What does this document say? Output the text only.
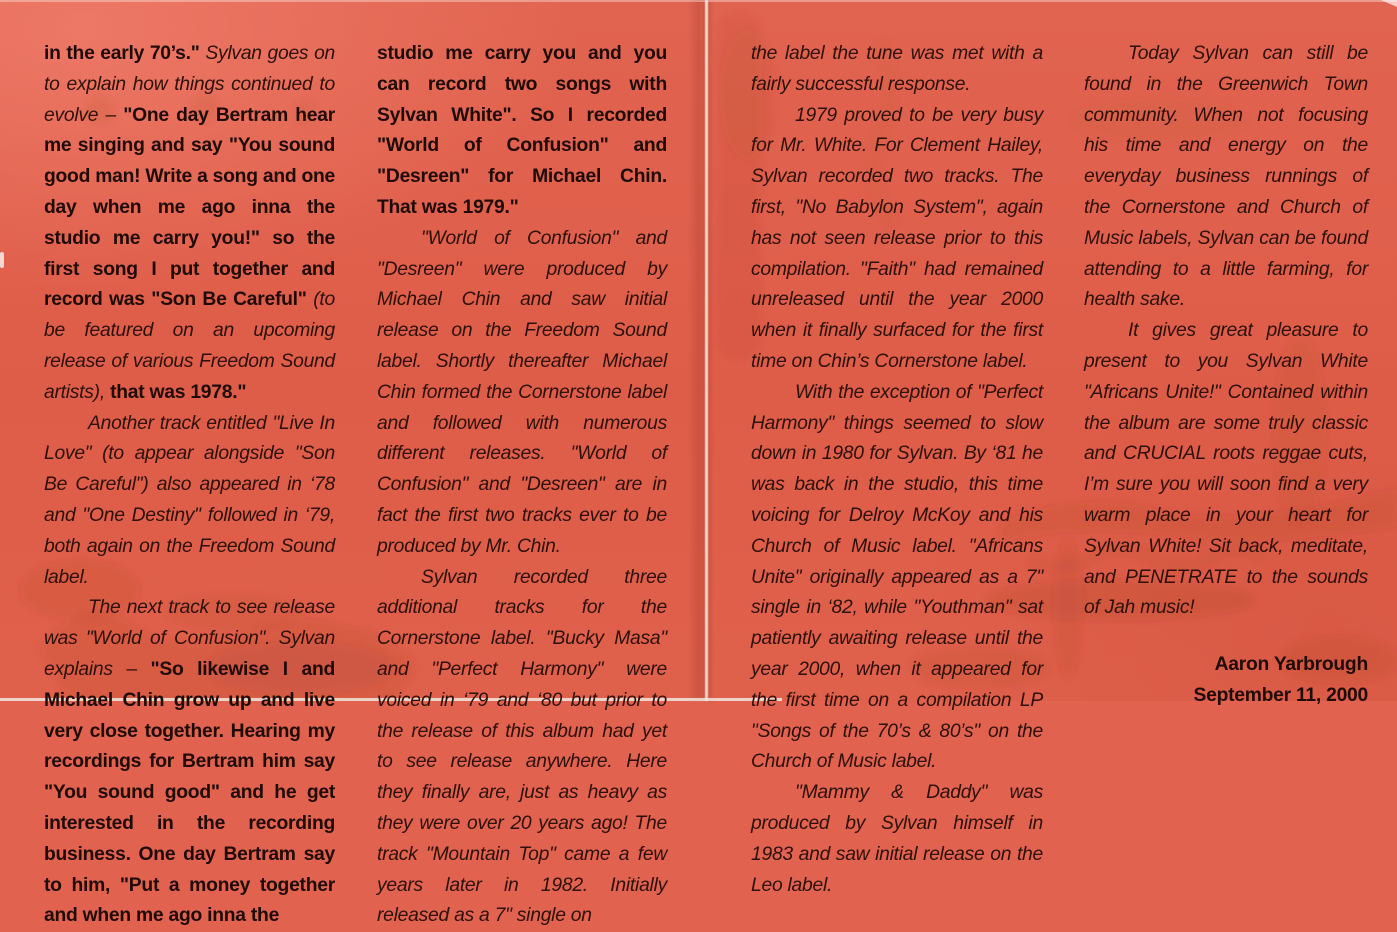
in the early 70’s." Sylvan goes on to explain how things continued to evolve – "One day Bertram hear me singing and say "You sound good man! Write a song and one day when me ago inna the studio me carry you!" so the first song I put together and record was "Son Be Careful" (to be featured on an upcoming release of various Freedom Sound artists), that was 1978."
Another track entitled "Live In Love" (to appear alongside "Son Be Careful") also appeared in ‘78 and "One Destiny" followed in ‘79, both again on the Freedom Sound label.
The next track to see release was "World of Confusion". Sylvan explains – "So likewise I and Michael Chin grow up and live very close together. Hearing my recordings for Bertram him say "You sound good" and he get interested in the recording business. One day Bertram say to him, "Put a money together and when me ago inna the
studio me carry you and you can record two songs with Sylvan White". So I recorded "World of Confusion" and "Desreen" for Michael Chin. That was 1979."
"World of Confusion" and "Desreen" were produced by Michael Chin and saw initial release on the Freedom Sound label. Shortly thereafter Michael Chin formed the Cornerstone label and followed with numerous different releases. "World of Confusion" and "Desreen" are in fact the first two tracks ever to be produced by Mr. Chin.
Sylvan recorded three additional tracks for the Cornerstone label. "Bucky Masa" and "Perfect Harmony" were voiced in ‘79 and ‘80 but prior to the release of this album had yet to see release anywhere. Here they finally are, just as heavy as they were over 20 years ago! The track "Mountain Top" came a few years later in 1982. Initially released as a 7" single on
the label the tune was met with a fairly successful response.
1979 proved to be very busy for Mr. White. For Clement Hailey, Sylvan recorded two tracks. The first, "No Babylon System", again has not seen release prior to this compilation. "Faith" had remained unreleased until the year 2000 when it finally surfaced for the first time on Chin’s Cornerstone label.
With the exception of "Perfect Harmony" things seemed to slow down in 1980 for Sylvan. By ‘81 he was back in the studio, this time voicing for Delroy McKoy and his Church of Music label. "Africans Unite" originally appeared as a 7" single in ‘82, while "Youthman" sat patiently awaiting release until the year 2000, when it appeared for the first time on a compilation LP "Songs of the 70’s & 80’s" on the Church of Music label.
"Mammy & Daddy" was produced by Sylvan himself in 1983 and saw initial release on the Leo label.
Today Sylvan can still be found in the Greenwich Town community. When not focusing his time and energy on the everyday business runnings of the Cornerstone and Church of Music labels, Sylvan can be found attending to a little farming, for health sake.
It gives great pleasure to present to you Sylvan White "Africans Unite!" Contained within the album are some truly classic and CRUCIAL roots reggae cuts, I’m sure you will soon find a very warm place in your heart for Sylvan White! Sit back, meditate, and PENETRATE to the sounds of Jah music!
Aaron Yarbrough
September 11, 2000
